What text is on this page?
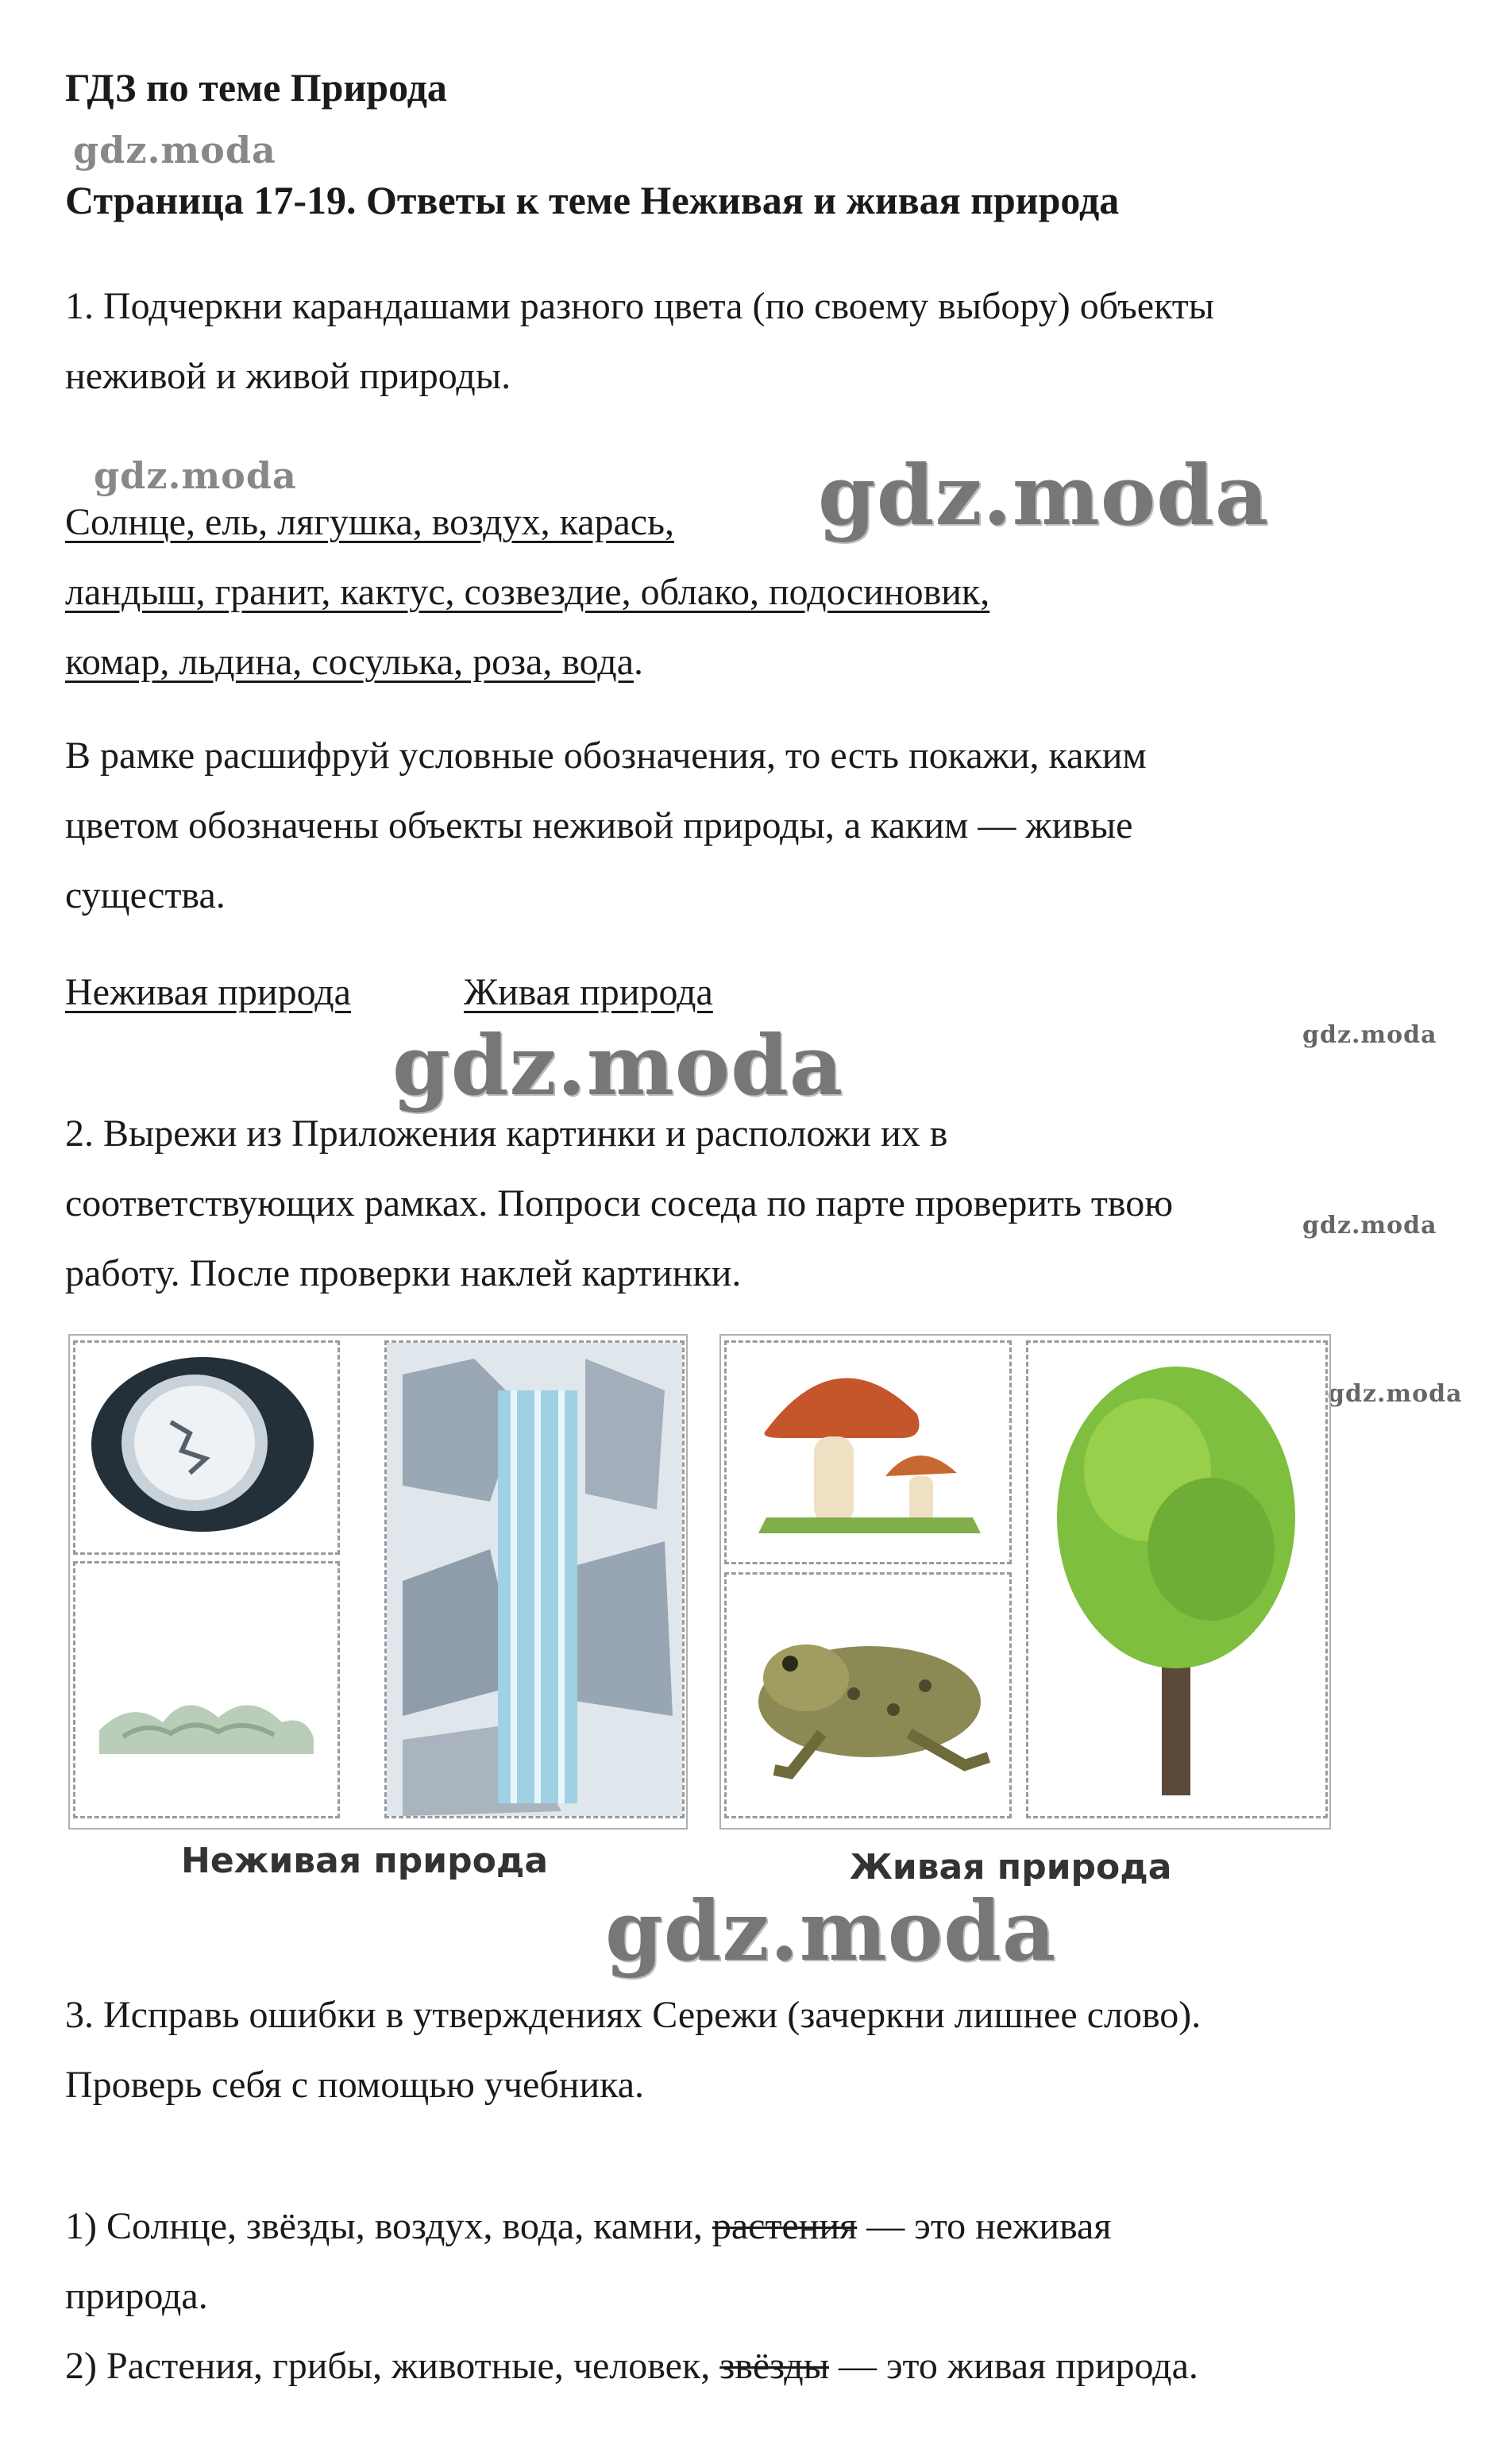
ГДЗ по теме Природа
gdz.moda
Страница 17-19. Ответы к теме Неживая и живая природа
1. Подчеркни карандашами разного цвета (по своему выбору) объекты
неживой и живой природы.
gdz.moda
Солнце, ель, лягушка, воздух, карась, gdz.moda
ландыш, гранит, кактус, созвездие, облако, подосиновик,
комар, льдина, сосулька, роза, вода.
В рамке расшифруй условные обозначения, то есть покажи, каким
цветом обозначены объекты неживой природы, а каким — живые
существа.
Неживая природа	Живая природа
gdz.moda
gdz.moda
2. Вырежи из Приложения картинки и расположи их в
соответствующих рамках. Попроси соседа по парте проверить твою
gdz.moda
работу. После проверки наклей картинки.
gdz.moda
Неживая природа	Живая природа
gdz.moda
3. Исправь ошибки в утверждениях Сережи (зачеркни лишнее слово).
Проверь себя с помощью учебника.
1) Солнце, звёзды, воздух, вода, камни, растения — это неживая
природа.
2) Растения, грибы, животные, человек, звёзды — это живая природа.
